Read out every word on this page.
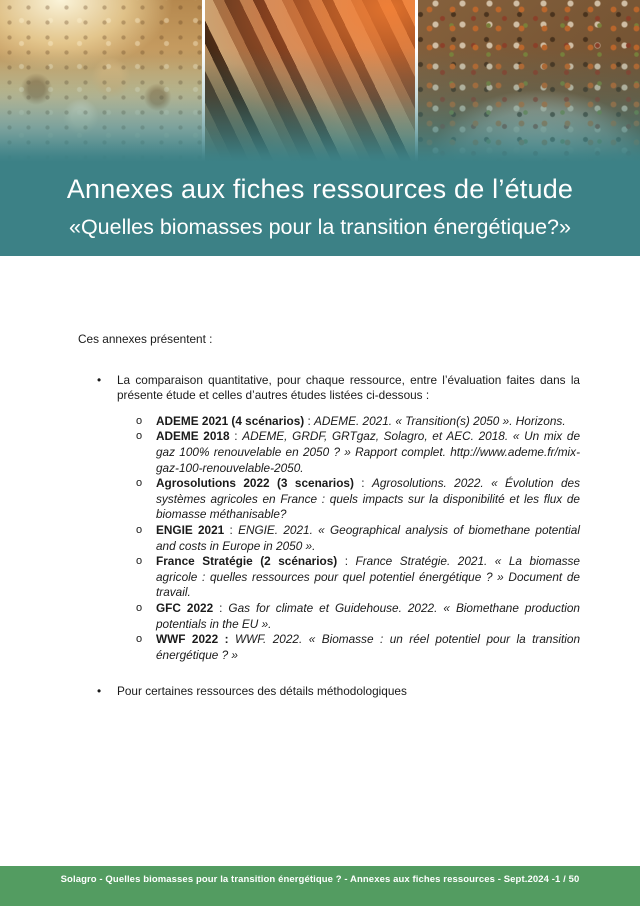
Annexes aux fiches ressources de l’étude
«Quelles biomasses pour la transition énergétique?»
Ces annexes présentent :
• La comparaison quantitative, pour chaque ressource, entre l’évaluation faites dans la présente étude et celles d’autres études listées ci-dessous :
o ADEME 2021 (4 scénarios) : ADEME. 2021. « Transition(s) 2050 ». Horizons.
o ADEME 2018 : ADEME, GRDF, GRTgaz, Solagro, et AEC. 2018. « Un mix de gaz 100% renouvelable en 2050 ? » Rapport complet. http://www.ademe.fr/mix-gaz-100-renouvelable-2050.
o Agrosolutions 2022 (3 scenarios) : Agrosolutions. 2022. « Évolution des systèmes agricoles en France : quels impacts sur la disponibilité et les flux de biomasse méthanisable?
o ENGIE 2021 : ENGIE. 2021. « Geographical analysis of biomethane potential and costs in Europe in 2050 ».
o France Stratégie (2 scénarios) : France Stratégie. 2021. « La biomasse agricole : quelles ressources pour quel potentiel énergétique ? » Document de travail.
o GFC 2022 : Gas for climate et Guidehouse. 2022. « Biomethane production potentials in the EU ».
o WWF 2022 : WWF. 2022. « Biomasse : un réel potentiel pour la transition énergétique ? »
• Pour certaines ressources des détails méthodologiques
Solagro - Quelles biomasses pour la transition énergétique ? - Annexes aux fiches ressources - Sept.2024 -1 / 50
